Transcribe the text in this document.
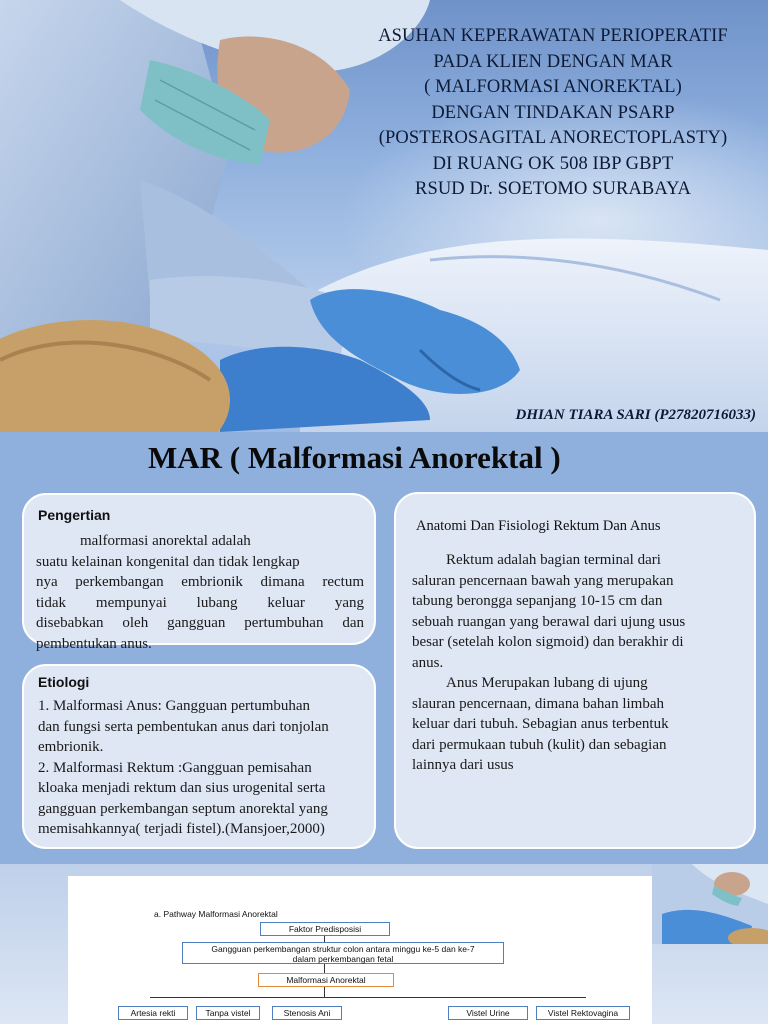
ASUHAN KEPERAWATAN PERIOPERATIF
PADA KLIEN DENGAN MAR
( MALFORMASI ANOREKTAL)
DENGAN TINDAKAN PSARP
(POSTEROSAGITAL ANORECTOPLASTY)
DI RUANG OK 508 IBP GBPT
RSUD Dr. SOETOMO SURABAYA
DHIAN TIARA SARI (P27820716033)
MAR ( Malformasi Anorektal )
Pengertian
malformasi anorektal adalah
suatu kelainan kongenital dan tidak lengkap
nya perkembangan embrionik dimana rectum
tidak mempunyai lubang keluar yang
disebabkan oleh gangguan pertumbuhan dan
pembentukan anus.
Etiologi
1. Malformasi Anus: Gangguan pertumbuhan
dan fungsi serta pembentukan anus dari tonjolan
embrionik.
2. Malformasi Rektum :Gangguan pemisahan
kloaka menjadi rektum dan sius urogenital serta
gangguan perkembangan septum anorektal yang
memisahkannya( terjadi fistel).(Mansjoer,2000)
Anatomi Dan Fisiologi Rektum Dan Anus
Rektum adalah bagian terminal dari
saluran pencernaan bawah yang merupakan
tabung berongga sepanjang 10-15 cm dan
sebuah ruangan yang berawal dari ujung usus
besar (setelah kolon sigmoid) dan berakhir di
anus.
Anus Merupakan lubang di ujung
slauran pencernaan, dimana bahan limbah
keluar dari tubuh. Sebagian anus terbentuk
dari permukaan tubuh (kulit) dan sebagian
lainnya dari usus
a. Pathway Malformasi Anorektal
Faktor Predisposisi
Gangguan perkembangan struktur colon antara minggu ke-5 dan ke-7
dalam perkembangan fetal
Malformasi Anorektal
Artesia rekti	Tanpa vistel	Stenosis Ani	Vistel Urine	Vistel Rektovagina
